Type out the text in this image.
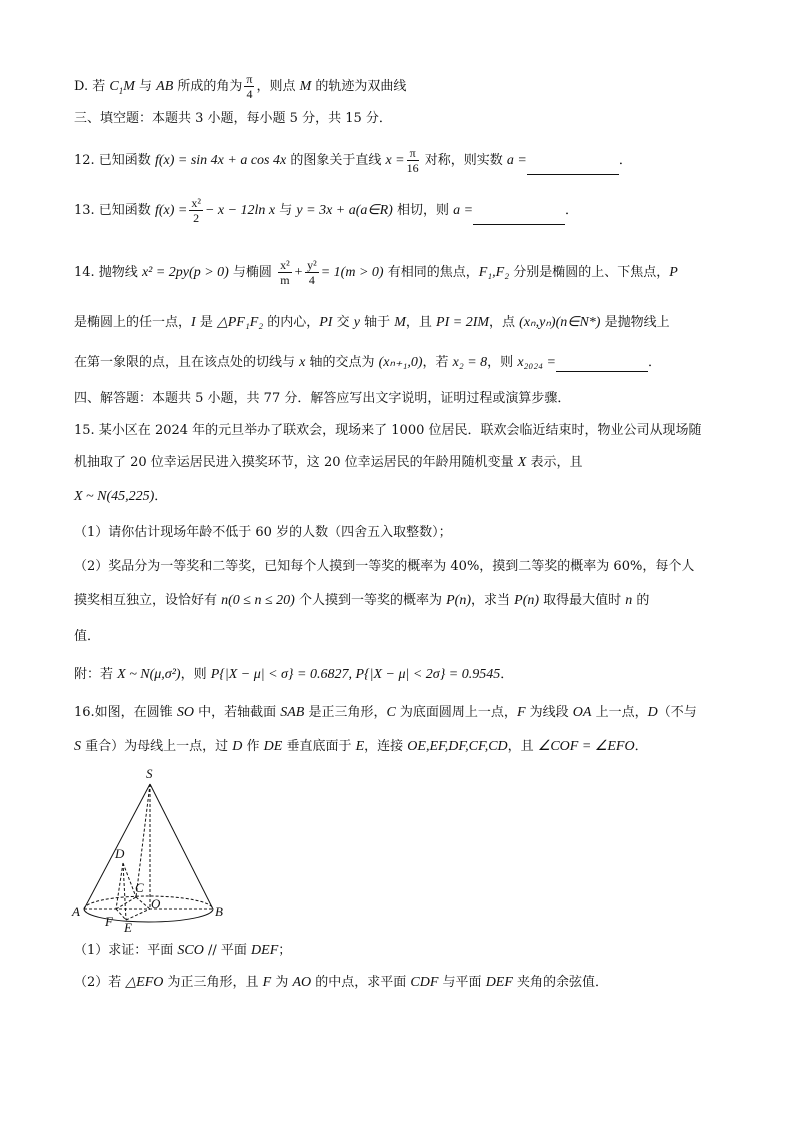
D. 若 $C_1M$ 与 AB 所成的角为 $\frac{\pi}{4}$ ，则点 M 的轨迹为双曲线
三、填空题：本题共 3 小题，每小题 5 分，共 15 分．
12. 已知函数 f(x) = sin 4x + a cos 4x 的图象关于直线 $x = \frac{\pi}{16}$ 对称，则实数 a =	．
13. 已知函数 $f(x) = \frac{\text{x²}}{2} - x - 12\ln$ x 与 y = 3x + a(a∈R) 相切，则 a =	．
14. 抛物线 x² = 2py(p > 0) 与椭圆 $\frac{\text{x²}}{m} + \frac{\text{y²}}{4} = 1(m > 0)$ 有相同的焦点，F₁,F₂ 分别是椭圆的上、下焦点，P
是椭圆上的任一点，I 是 △PF₁F₂ 的内心，PI 交 y 轴于 M，且 PI = 2IM，点 (xₙ,yₙ)(n∈N*) 是抛物线上
在第一象限的点，且在该点处的切线与 x 轴的交点为 (xₙ₊₁,0)，若 x₂ = 8，则 x₂₀₂₄ =	．
四、解答题：本题共 5 小题，共 77 分．解答应写出文字说明，证明过程或演算步骤．
15. 某小区在 2024 年的元旦举办了联欢会，现场来了 1000 位居民．联欢会临近结束时，物业公司从现场随
机抽取了 20 位幸运居民进入摸奖环节，这 20 位幸运居民的年龄用随机变量 X 表示，且
X ~ N(45,225)．
（1）请你估计现场年龄不低于 60 岁的人数（四舍五入取整数）；
（2）奖品分为一等奖和二等奖，已知每个人摸到一等奖的概率为 40%，摸到二等奖的概率为 60%，每个人
摸奖相互独立，设恰好有 n(0 ≤ n ≤ 20) 个人摸到一等奖的概率为 P(n)，求当 P(n) 取得最大值时 n 的
值．
附：若 X ~ N(μ,σ²)，则 P{|X − μ| < σ} = 0.6827, P{|X − μ| < 2σ} = 0.9545．
16.如图，在圆锥 SO 中，若轴截面 SAB 是正三角形，C 为底面圆周上一点，F 为线段 OA 上一点，D（不与
S 重合）为母线上一点，过 D 作 DE 垂直底面于 E，连接 OE,EF,DF,CF,CD，且 ∠COF = ∠EFO．
S
D
C
O
A	B
F E
（1）求证：平面 SCO // 平面 DEF；
（2）若 △EFO 为正三角形，且 F 为 AO 的中点，求平面 CDF 与平面 DEF 夹角的余弦值．
